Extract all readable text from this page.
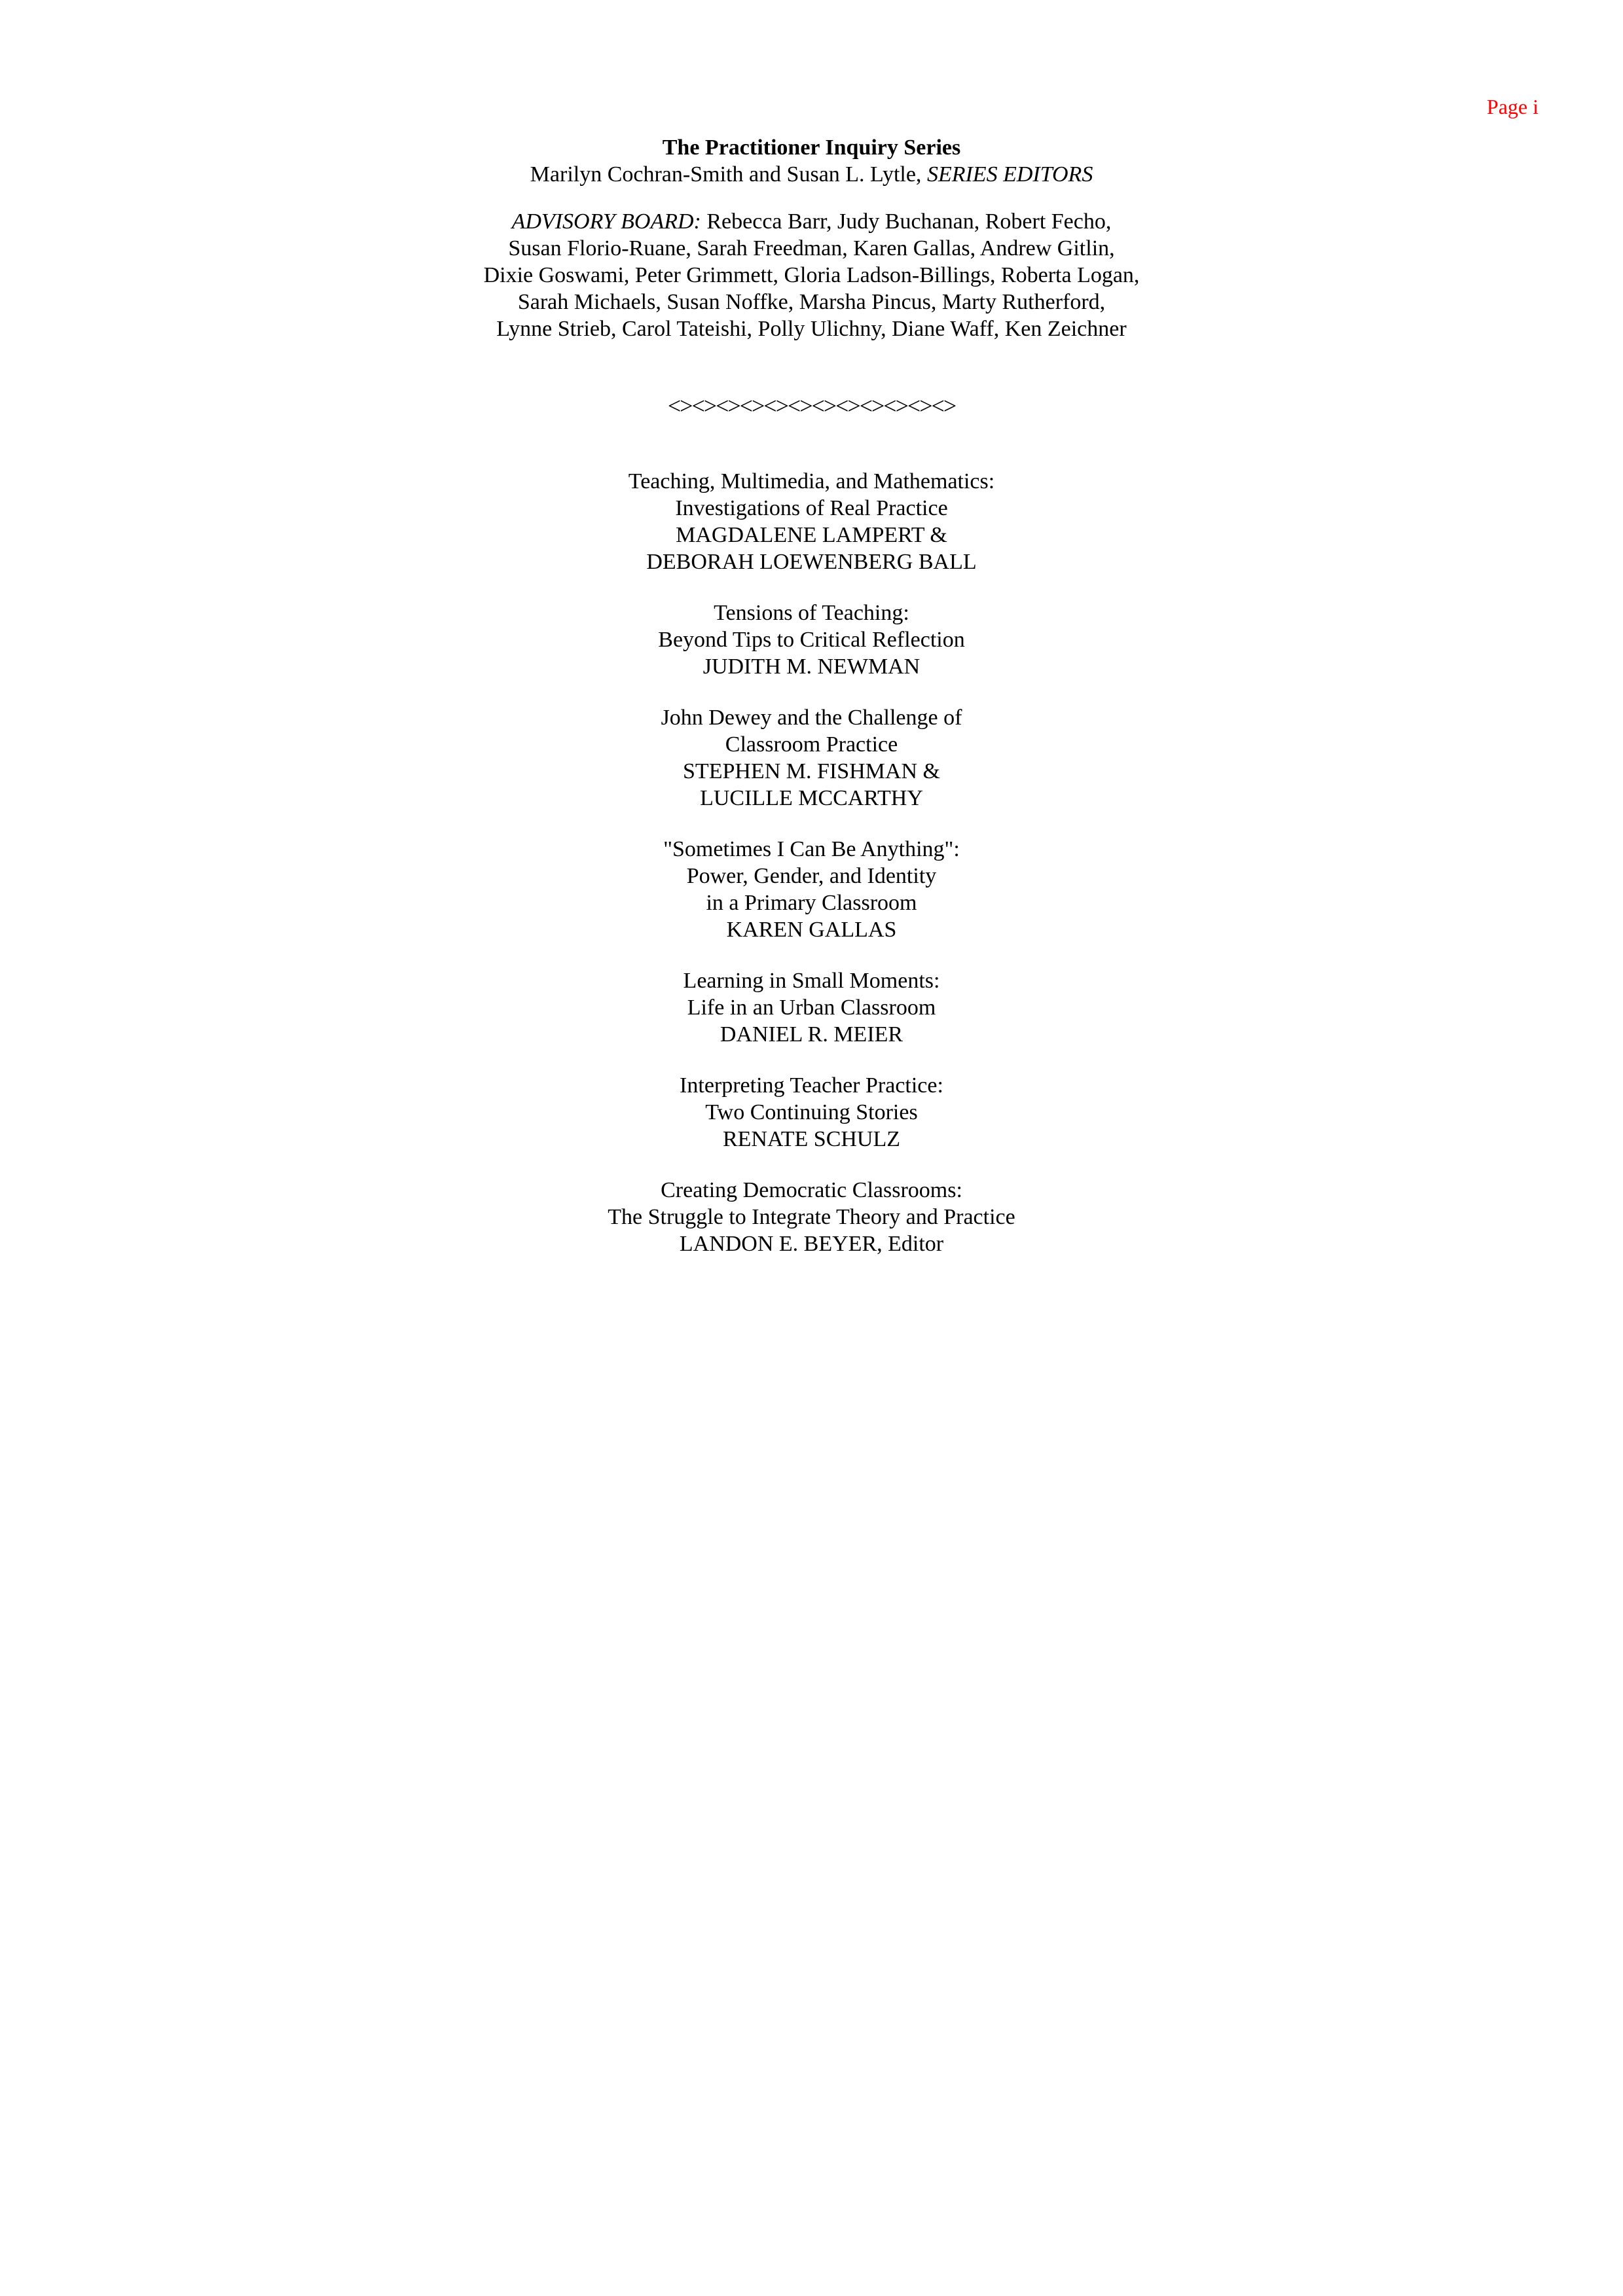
Page i
The Practitioner Inquiry Series
Marilyn Cochran-Smith and Susan L. Lytle, SERIES EDITORS
ADVISORY BOARD: Rebecca Barr, Judy Buchanan, Robert Fecho,
Susan Florio-Ruane, Sarah Freedman, Karen Gallas, Andrew Gitlin,
Dixie Goswami, Peter Grimmett, Gloria Ladson-Billings, Roberta Logan,
Sarah Michaels, Susan Noffke, Marsha Pincus, Marty Rutherford,
Lynne Strieb, Carol Tateishi, Polly Ulichny, Diane Waff, Ken Zeichner
<><><><><><><><><><><><>
Teaching, Multimedia, and Mathematics:
Investigations of Real Practice
MAGDALENE LAMPERT &
DEBORAH LOEWENBERG BALL
Tensions of Teaching:
Beyond Tips to Critical Reflection
JUDITH M. NEWMAN
John Dewey and the Challenge of
Classroom Practice
STEPHEN M. FISHMAN &
LUCILLE MCCARTHY
"Sometimes I Can Be Anything":
Power, Gender, and Identity
in a Primary Classroom
KAREN GALLAS
Learning in Small Moments:
Life in an Urban Classroom
DANIEL R. MEIER
Interpreting Teacher Practice:
Two Continuing Stories
RENATE SCHULZ
Creating Democratic Classrooms:
The Struggle to Integrate Theory and Practice
LANDON E. BEYER, Editor
